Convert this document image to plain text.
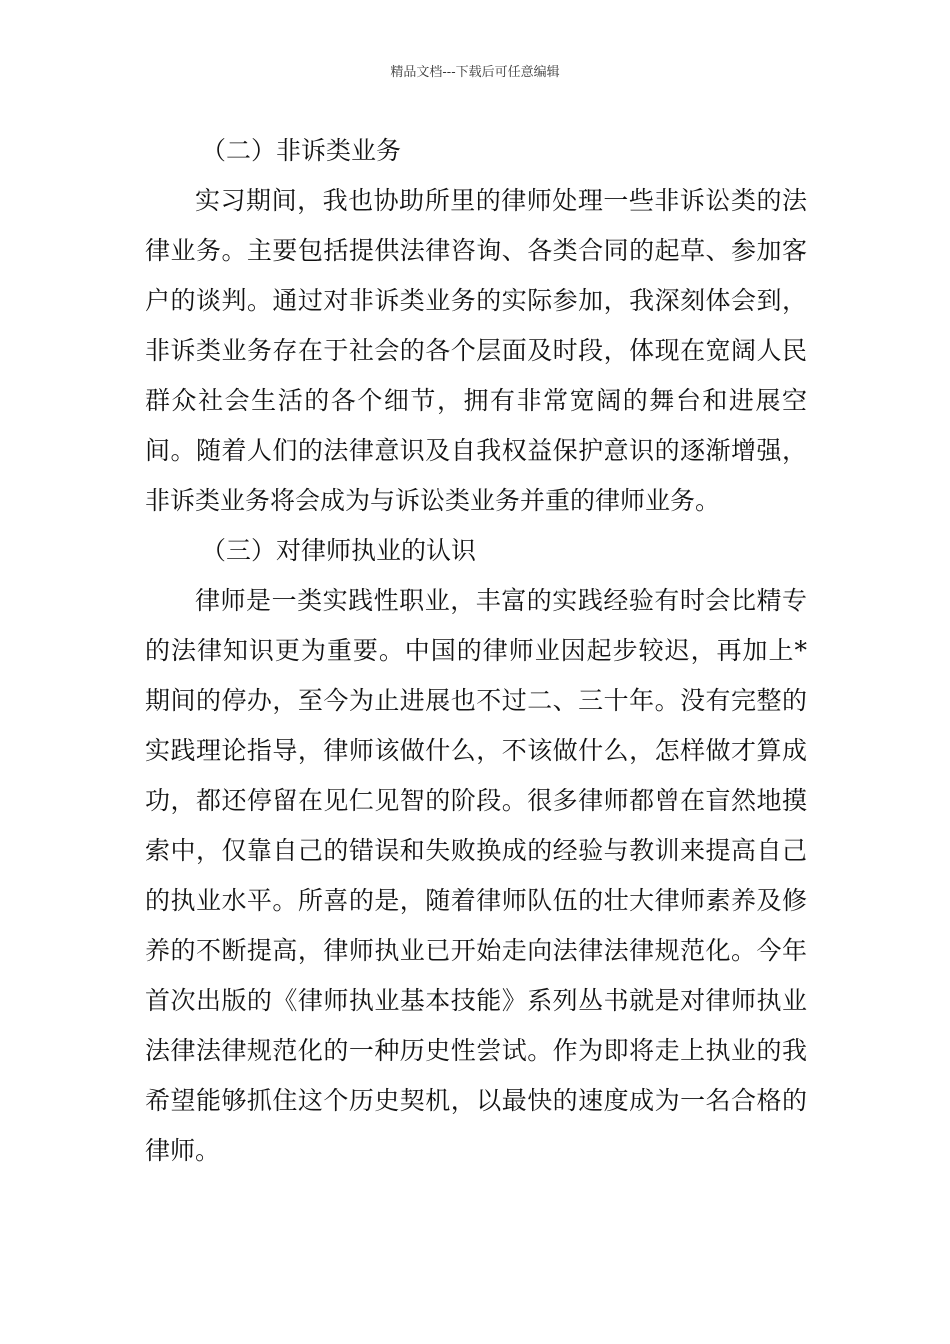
精品文档---下载后可任意编辑

（二）非诉类业务

实习期间，我也协助所里的律师处理一些非诉讼类的法律业务。主要包括提供法律咨询、各类合同的起草、参加客户的谈判。通过对非诉类业务的实际参加，我深刻体会到，非诉类业务存在于社会的各个层面及时段，体现在宽阔人民群众社会生活的各个细节，拥有非常宽阔的舞台和进展空间。随着人们的法律意识及自我权益保护意识的逐渐增强，非诉类业务将会成为与诉讼类业务并重的律师业务。

（三）对律师执业的认识

律师是一类实践性职业，丰富的实践经验有时会比精专的法律知识更为重要。中国的律师业因起步较迟，再加上*期间的停办，至今为止进展也不过二、三十年。没有完整的实践理论指导，律师该做什么，不该做什么，怎样做才算成功，都还停留在见仁见智的阶段。很多律师都曾在盲然地摸索中，仅靠自己的错误和失败换成的经验与教训来提高自己的执业水平。所喜的是，随着律师队伍的壮大律师素养及修养的不断提高，律师执业已开始走向法律法律规范化。今年首次出版的《律师执业基本技能》系列丛书就是对律师执业法律法律规范化的一种历史性尝试。作为即将走上执业的我希望能够抓住这个历史契机，以最快的速度成为一名合格的律师。
